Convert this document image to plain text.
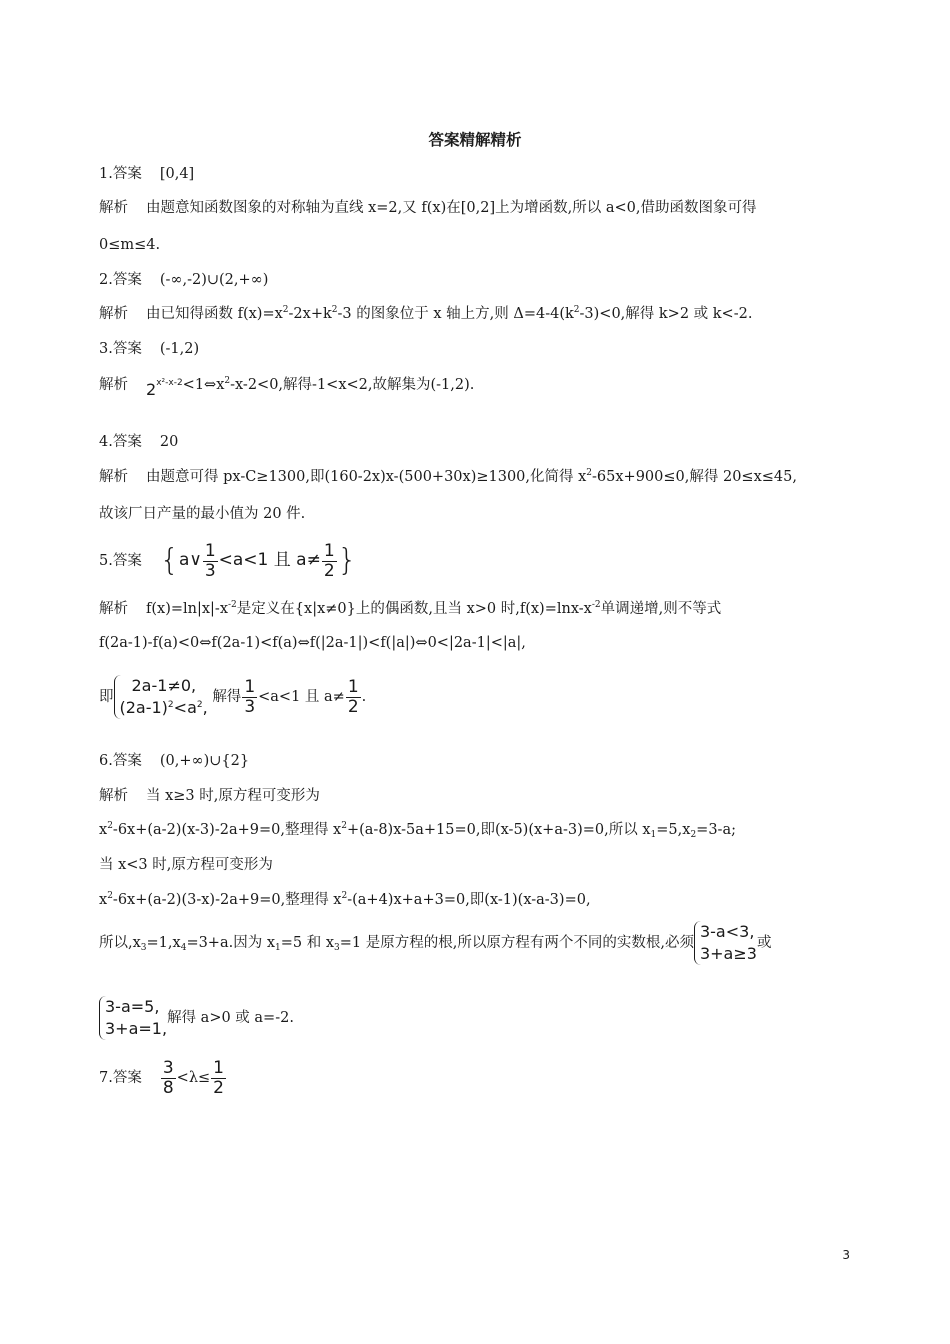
答案精解精析
1.答案 [0,4]
解析 由题意知函数图象的对称轴为直线 x=2,又 f(x)在[0,2]上为增函数,所以 a<0,借助函数图象可得
0≤m≤4.
2.答案 (-∞,-2)∪(2,+∞)
解析 由已知得函数 $f(x)=x^2-2x+k^2-3$ 的图象位于 x 轴上方,则 $\Delta=4-4(k^2-3)<0$,解得 k>2 或 k<-2.
3.答案 (-1,2)
解析 $2^{x^2-x-2}<1\Leftrightarrow x^2-x-2<0$,解得-1<x<2,故解集为(-1,2).
4.答案 20
解析 由题意可得 px-C≥1300,即(160-2x)x-(500+30x)≥1300,化简得 $x^2-65x+900\le 0$,解得 20≤x≤45,
故该厂日产量的最小值为 20 件.
5.答案 {a∨ $\frac{1}{3} <a<1$ 且 $a\ne \frac{1}{2}$ }
解析 $f(x)=\ln|x|-x^{-2}$是定义在{x|x≠0}上的偶函数,且当 x>0 时$,f(x)=\ln x-x^{-2}$单调递增,则不等式
f(2a-1)-f(a)<0⇔f(2a-1)<f(a)⇔f(|2a-1|)<f(|a|)⇔0<|2a-1|<|a|,
即
2a-1≠0,
$(2a-1)^2<a^2$,
解得 $\frac{1}{3} <a<1$ 且 $a\ne \frac{1}{2}$ .
6.答案 (0,+∞)∪{2}
解析 当 x≥3 时,原方程可变形为
$x^2-6x+(a-2)(x-3)-2a+9=0$,整理得 $x^2+(a-8)x-5a+15=0$,即(x-5)(x+a-3)=0,所以 $x_1=5,x_2=3-a$;
当 x<3 时,原方程可变形为
$x^2-6x+(a-2)(3-x)-2a+9=0$,整理得 $x^2-(a+4)x+a+3=0$,即(x-1)(x-a-3)=0,
所以$,x_3=1,x_4=3+a$.因为 $x_1=5$ 和 $x_3=1$ 是原方程的根,所以原方程有两个不同的实数根,必须
3-a<3,
3+a≥3
或
3-a=5,
3+a=1,
解得 a>0 或 a=-2.
7.答案 $\frac{3}{8} <\lambda\le \frac{1}{2}$
3
